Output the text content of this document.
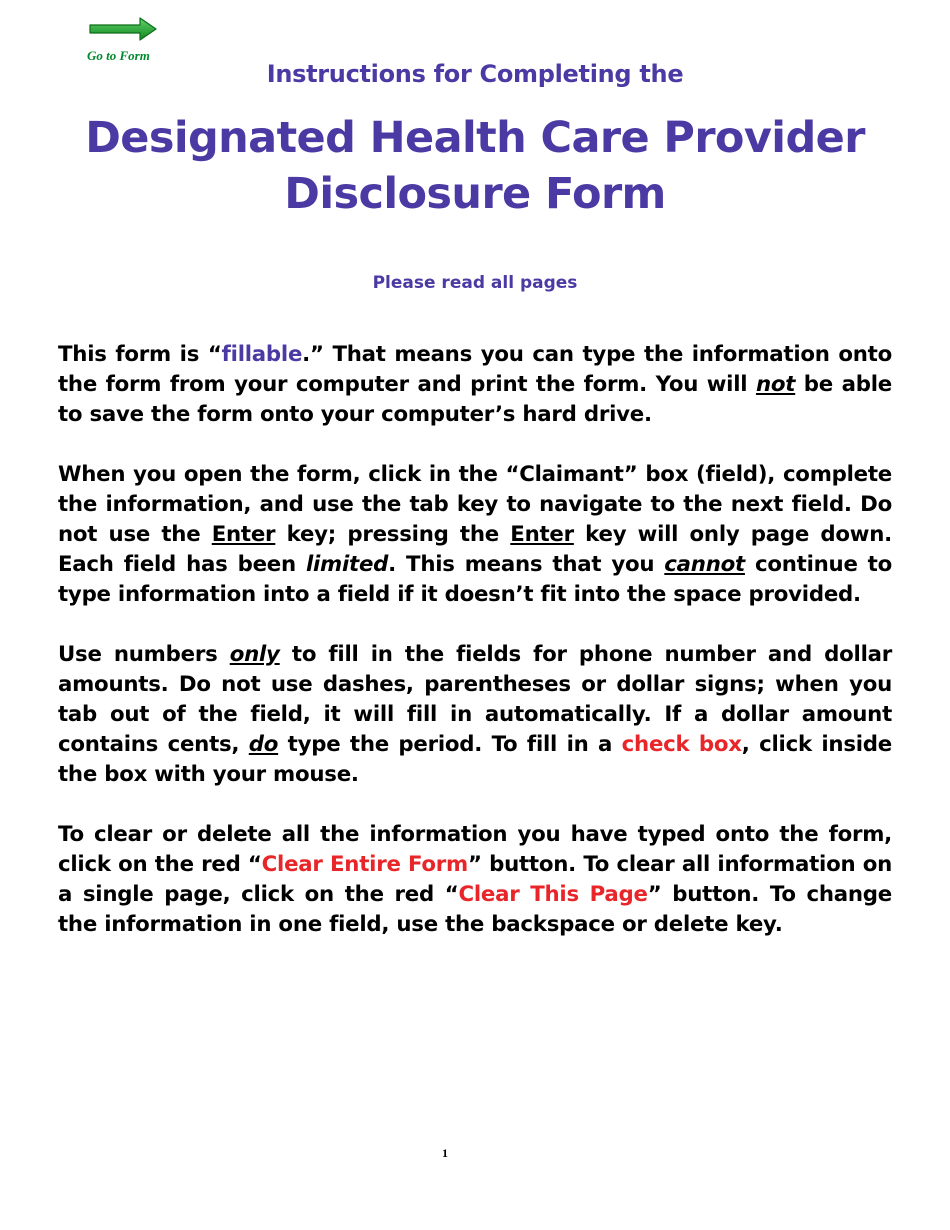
Go to Form
Instructions for Completing the
Designated Health Care Provider
Disclosure Form
Please read all pages

This form is “fillable.” That means you can type the information onto the form from your computer and print the form. You will not be able to save the form onto your computer’s hard drive.

When you open the form, click in the “Claimant” box (field), complete the information, and use the tab key to navigate to the next field. Do not use the Enter key; pressing the Enter key will only page down. Each field has been limited. This means that you cannot continue to type information into a field if it doesn’t fit into the space provided.

Use numbers only to fill in the fields for phone number and dollar amounts. Do not use dashes, parentheses or dollar signs; when you tab out of the field, it will fill in automatically. If a dollar amount contains cents, do type the period. To fill in a check box, click inside the box with your mouse.

To clear or delete all the information you have typed onto the form, click on the red “Clear Entire Form” button. To clear all information on a single page, click on the red “Clear This Page” button. To change the information in one field, use the backspace or delete key.

1
